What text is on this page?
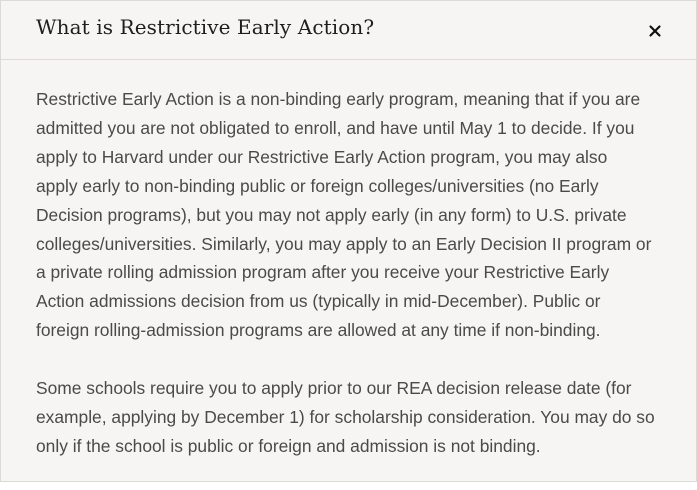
What is Restrictive Early Action?

Restrictive Early Action is a non-binding early program, meaning that if you are
admitted you are not obligated to enroll, and have until May 1 to decide. If you
apply to Harvard under our Restrictive Early Action program, you may also
apply early to non-binding public or foreign colleges/universities (no Early
Decision programs), but you may not apply early (in any form) to U.S. private
colleges/universities. Similarly, you may apply to an Early Decision II program or
a private rolling admission program after you receive your Restrictive Early
Action admissions decision from us (typically in mid-December). Public or
foreign rolling-admission programs are allowed at any time if non-binding.

Some schools require you to apply prior to our REA decision release date (for
example, applying by December 1) for scholarship consideration. You may do so
only if the school is public or foreign and admission is not binding.
